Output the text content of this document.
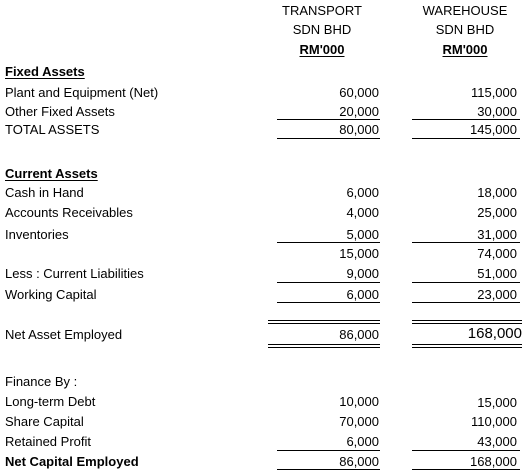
TRANSPORT
SDN BHD
RM'000
WAREHOUSE
SDN BHD
RM'000
Fixed Assets
Plant and Equipment (Net)	60,000	115,000
Other Fixed Assets	20,000	30,000
TOTAL ASSETS	80,000	145,000
Current Assets
Cash in Hand	6,000	18,000
Accounts Receivables	4,000	25,000
Inventories	5,000	31,000
15,000	74,000
Less : Current Liabilities	9,000	51,000
Working Capital	6,000	23,000
Net Asset Employed	86,000	168,000
Finance By :
Long-term Debt	10,000	15,000
Share Capital	70,000	110,000
Retained Profit	6,000	43,000
Net Capital Employed	86,000	168,000
